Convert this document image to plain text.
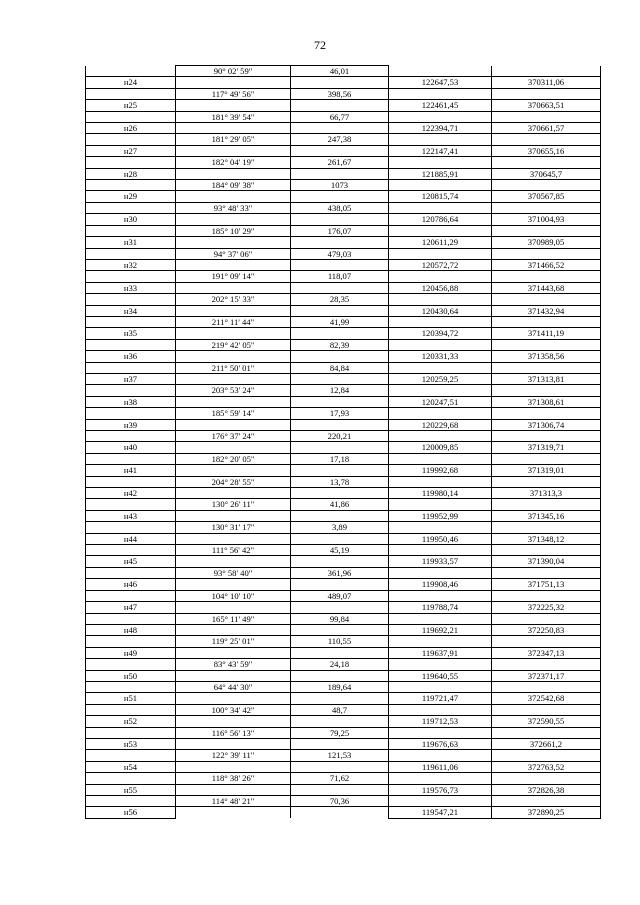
72
	90° 02' 59"	46,01		
н24			122647,53	370311,06
	117° 49' 56"	398,56		
н25			122461,45	370663,51
	181° 39' 54"	66,77		
н26			122394,71	370661,57
	181° 29' 05"	247,38		
н27			122147,41	370655,16
	182° 04' 19"	261,67		
н28			121885,91	370645,7
	184° 09' 38"	1073		
н29			120815,74	370567,85
	93° 48' 33"	438,05		
н30			120786,64	371004,93
	185° 10' 29"	176,07		
н31			120611,29	370989,05
	94° 37' 06"	479,03		
н32			120572,72	371466,52
	191° 09' 14"	118,07		
н33			120456,88	371443,68
	202° 15' 33"	28,35		
н34			120430,64	371432,94
	211° 11' 44"	41,99		
н35			120394,72	371411,19
	219° 42' 05"	82,39		
н36			120331,33	371358,56
	211° 50' 01"	84,84		
н37			120259,25	371313,81
	203° 53' 24"	12,84		
н38			120247,51	371308,61
	185° 59' 14"	17,93		
н39			120229,68	371306,74
	176° 37' 24"	220,21		
н40			120009,85	371319,71
	182° 20' 05"	17,18		
н41			119992,68	371319,01
	204° 28' 55"	13,78		
н42			119980,14	371313,3
	130° 26' 11"	41,86		
н43			119952,99	371345,16
	130° 31' 17"	3,89		
н44			119950,46	371348,12
	111° 56' 42"	45,19		
н45			119933,57	371390,04
	93° 58' 40"	361,96		
н46			119908,46	371751,13
	104° 10' 10"	489,07		
н47			119788,74	372225,32
	165° 11' 49"	99,84		
н48			119692,21	372250,83
	119° 25' 01"	110,55		
н49			119637,91	372347,13
	83° 43' 59"	24,18		
н50			119640,55	372371,17
	64° 44' 30"	189,64		
н51			119721,47	372542,68
	100° 34' 42"	48,7		
н52			119712,53	372590,55
	116° 56' 13"	79,25		
н53			119676,63	372661,2
	122° 39' 11"	121,53		
н54			119611,06	372763,52
	118° 38' 26"	71,62		
н55			119576,73	372826,38
	114° 48' 21"	70,36		
н56			119547,21	372890,25
